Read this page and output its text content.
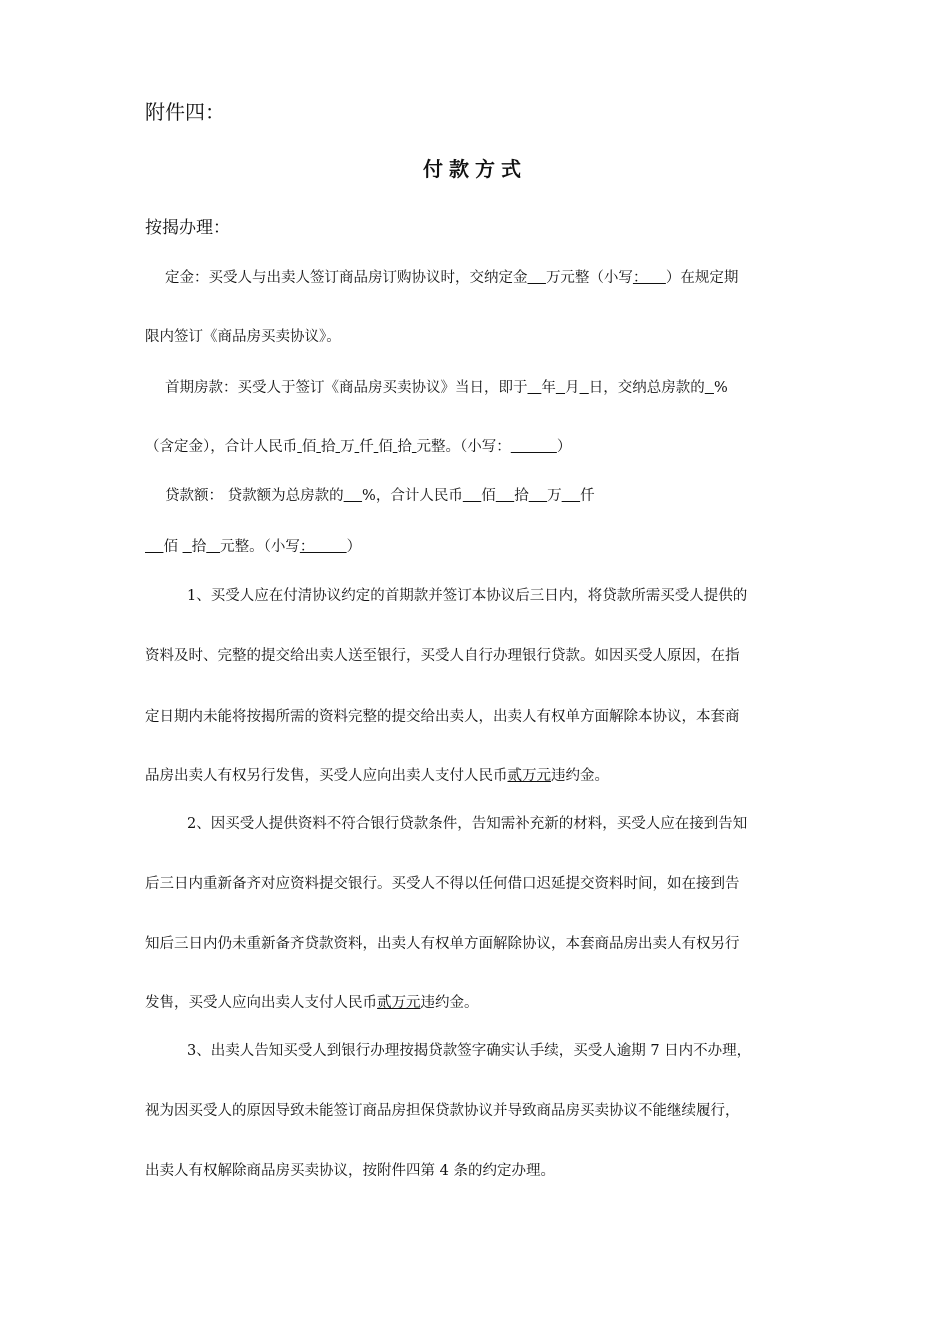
附件四：
付款方式
按揭办理：
定金：买受人与出卖人签订商品房订购协议时，交纳定金 万元整（小写：    ）在规定期
限内签订《商品房买卖协议》。
首期房款：买受人于签订《商品房买卖协议》当日，即于 年 月 日，交纳总房款的 %
（含定金），合计人民币 佰 拾 万 仟 佰 拾 元整。（小写：	）
贷款额： 贷款额为总房款的 %，合计人民币 佰 拾 万 仟
佰   拾 元整。（小写：       ）
1、买受人应在付清协议约定的首期款并签订本协议后三日内，将贷款所需买受人提供的
资料及时、完整的提交给出卖人送至银行，买受人自行办理银行贷款。如因买受人原因，在指
定日期内未能将按揭所需的资料完整的提交给出卖人，出卖人有权单方面解除本协议，本套商
品房出卖人有权另行发售，买受人应向出卖人支付人民币贰万元违约金。
2、因买受人提供资料不符合银行贷款条件，告知需补充新的材料，买受人应在接到告知
后三日内重新备齐对应资料提交银行。买受人不得以任何借口迟延提交资料时间，如在接到告
知后三日内仍未重新备齐贷款资料，出卖人有权单方面解除协议，本套商品房出卖人有权另行
发售，买受人应向出卖人支付人民币贰万元违约金。
3、出卖人告知买受人到银行办理按揭贷款签字确实认手续，买受人逾期 7 日内不办理，
视为因买受人的原因导致未能签订商品房担保贷款协议并导致商品房买卖协议不能继续履行，
出卖人有权解除商品房买卖协议，按附件四第 4 条的约定办理。
